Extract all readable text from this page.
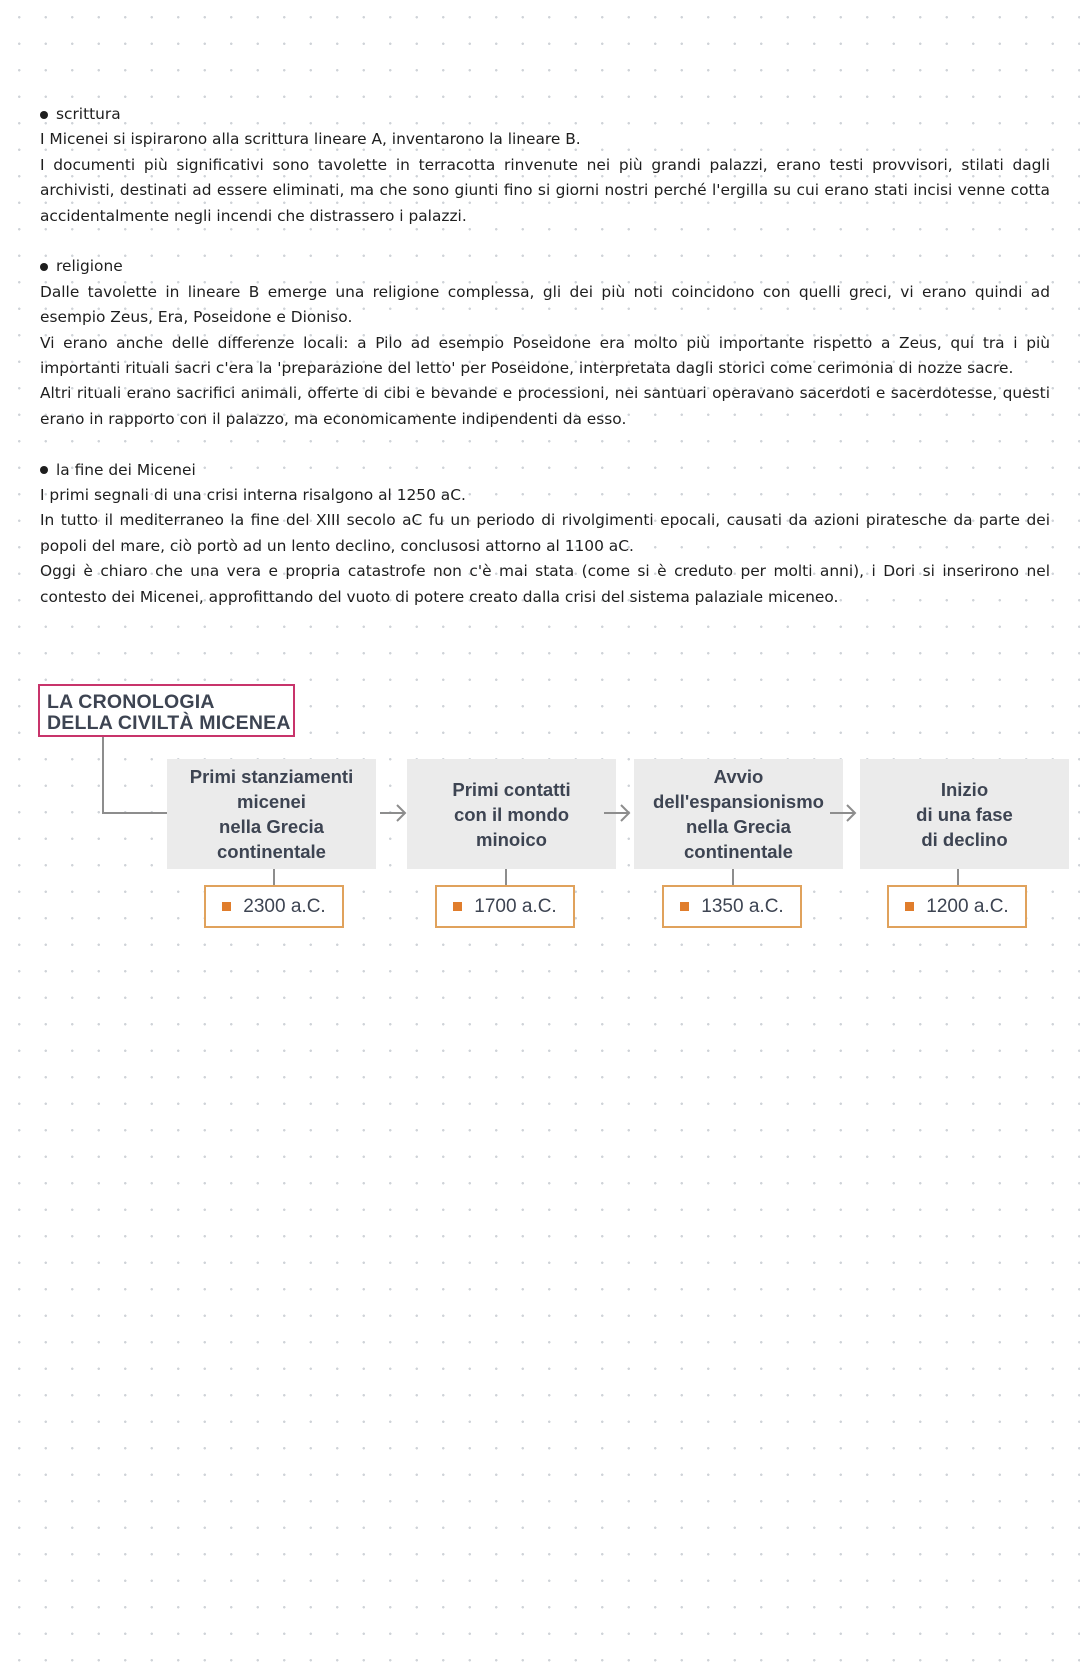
scrittura
I Micenei si ispirarono alla scrittura lineare A, inventarono la lineare B.
I documenti più significativi sono tavolette in terracotta rinvenute nei più grandi palazzi, erano testi provvisori, stilati dagli archivisti, destinati ad essere eliminati, ma che sono giunti fino si giorni nostri perché l'ergilla su cui erano stati incisi venne cotta accidentalmente negli incendi che distrassero i palazzi.
religione
Dalle tavolette in lineare B emerge una religione complessa, gli dei più noti coincidono con quelli greci, vi erano quindi ad esempio Zeus, Era, Poseidone e Dioniso.
Vi erano anche delle differenze locali: a Pilo ad esempio Poseidone era molto più importante rispetto a Zeus, qui tra i più importanti rituali sacri c'era la 'preparazione del letto' per Poseidone, interpretata dagli storici come cerimonia di nozze sacre.
Altri rituali erano sacrifici animali, offerte di cibi e bevande e processioni, nei santuari operavano sacerdoti e sacerdotesse, questi erano in rapporto con il palazzo, ma economicamente indipendenti da esso.
la fine dei Micenei
I primi segnali di una crisi interna risalgono al 1250 aC.
In tutto il mediterraneo la fine del XIII secolo aC fu un periodo di rivolgimenti epocali, causati da azioni piratesche da parte dei popoli del mare, ciò portò ad un lento declino, conclusosi attorno al 1100 aC.
Oggi è chiaro che una vera e propria catastrofe non c'è mai stata (come si è creduto per molti anni), i Dori si inserirono nel contesto dei Micenei, approfittando del vuoto di potere creato dalla crisi del sistema palaziale miceneo.
LA CRONOLOGIA
DELLA CIVILTÀ MICENEA
Primi stanziamenti
micenei
nella Grecia
continentale
2300 a.C.
Primi contatti
con il mondo
minoico
1700 a.C.
Avvio
dell'espansionismo
nella Grecia
continentale
1350 a.C.
Inizio
di una fase
di declino
1200 a.C.
